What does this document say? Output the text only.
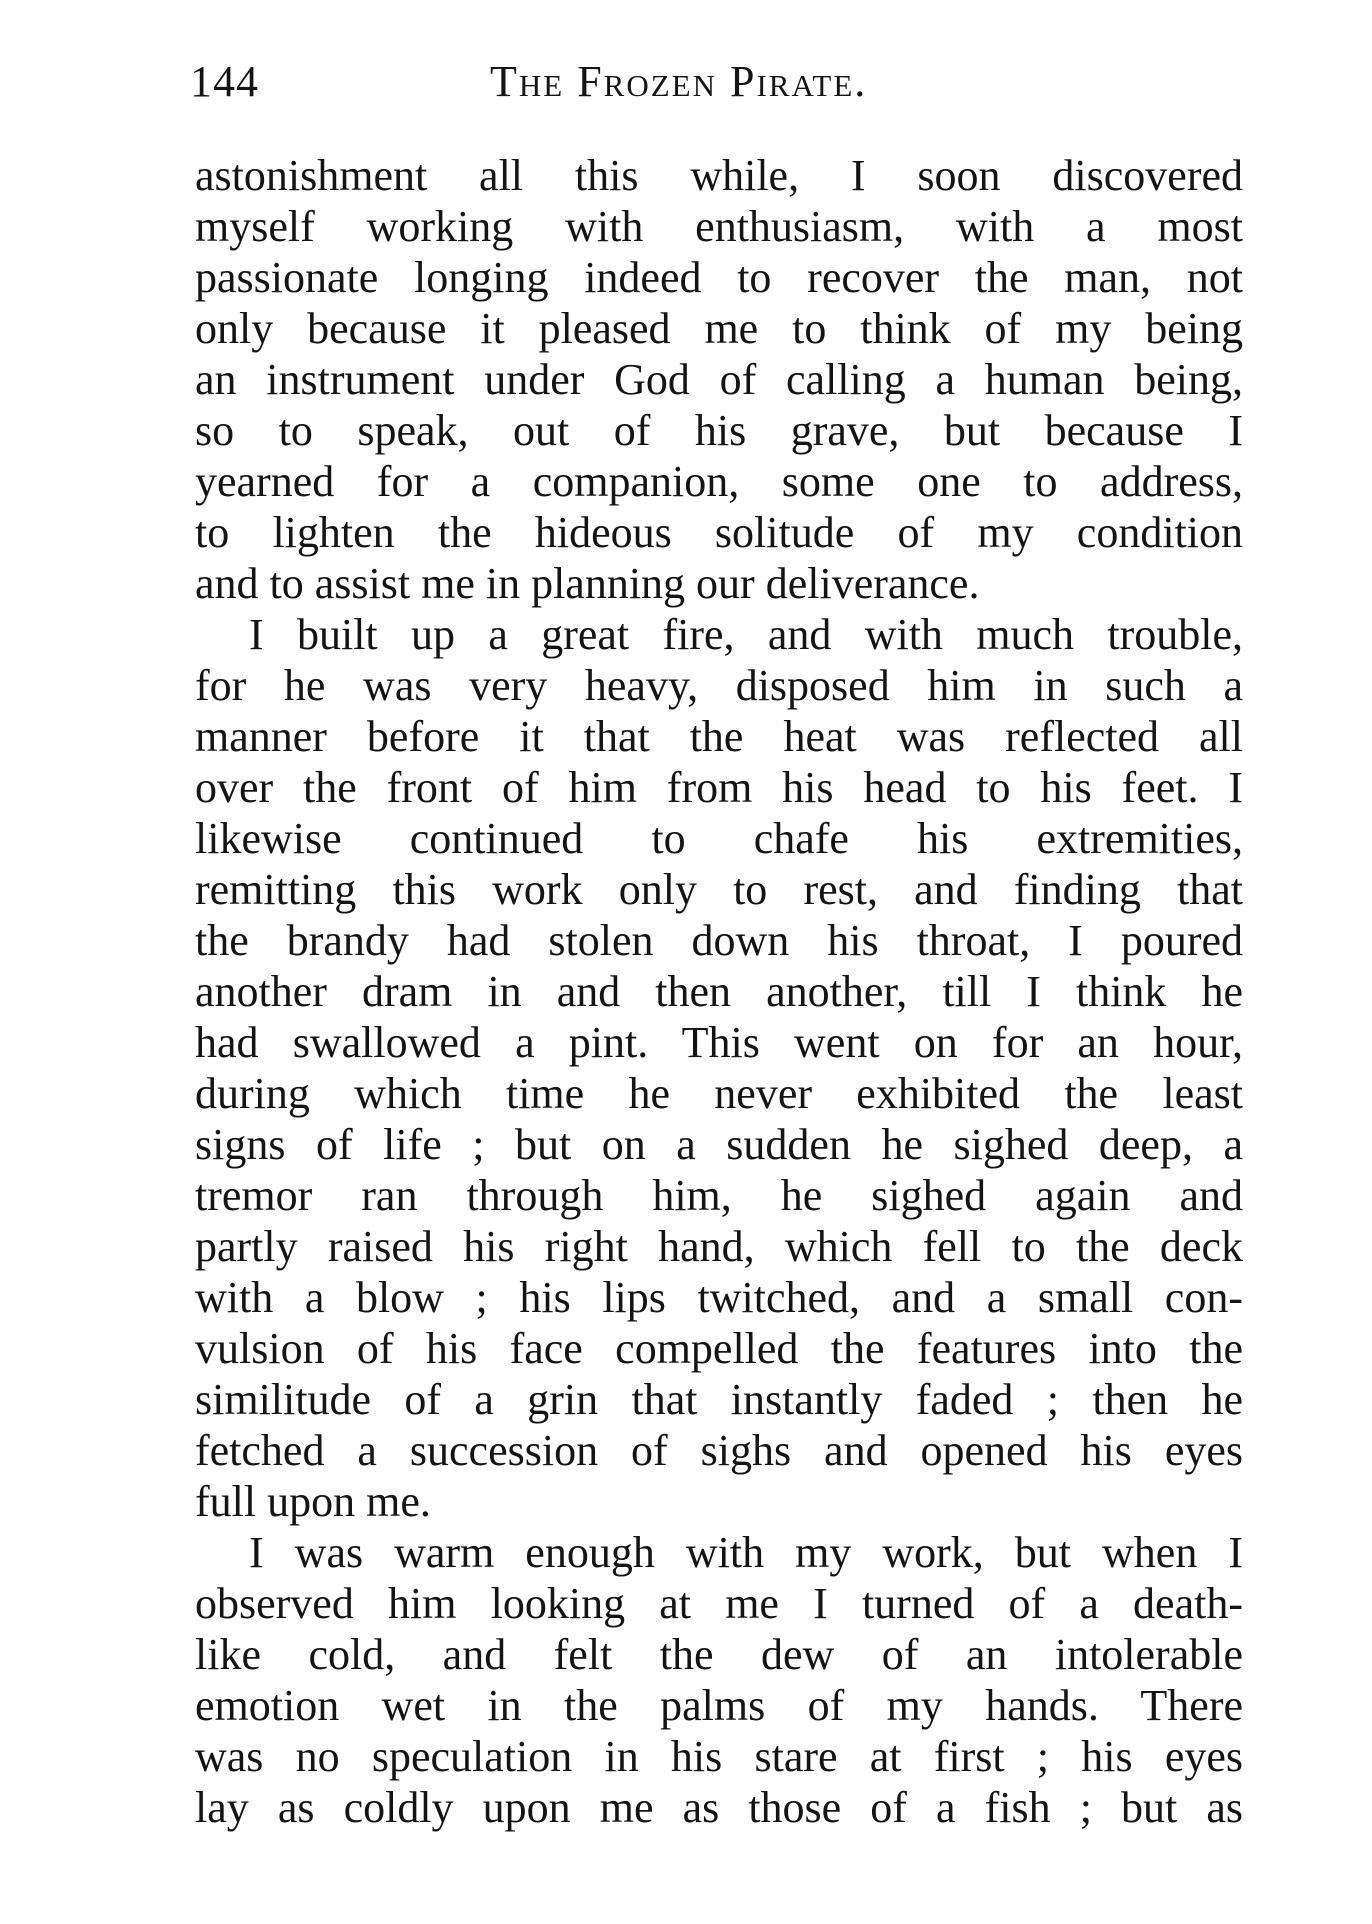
144	The Frozen Pirate.
astonishment all this while, I soon discovered
myself working with enthusiasm, with a most
passionate longing indeed to recover the man, not
only because it pleased me to think of my being
an instrument under God of calling a human being,
so to speak, out of his grave, but because I
yearned for a companion, some one to address,
to lighten the hideous solitude of my condition
and to assist me in planning our deliverance.
I built up a great fire, and with much trouble,
for he was very heavy, disposed him in such a
manner before it that the heat was reflected all
over the front of him from his head to his feet. I
likewise continued to chafe his extremities,
remitting this work only to rest, and finding that
the brandy had stolen down his throat, I poured
another dram in and then another, till I think he
had swallowed a pint. This went on for an hour,
during which time he never exhibited the least
signs of life ; but on a sudden he sighed deep, a
tremor ran through him, he sighed again and
partly raised his right hand, which fell to the deck
with a blow ; his lips twitched, and a small con-
vulsion of his face compelled the features into the
similitude of a grin that instantly faded ; then he
fetched a succession of sighs and opened his eyes
full upon me.
I was warm enough with my work, but when I
observed him looking at me I turned of a death-
like cold, and felt the dew of an intolerable
emotion wet in the palms of my hands. There
was no speculation in his stare at first ; his eyes
lay as coldly upon me as those of a fish ; but as
